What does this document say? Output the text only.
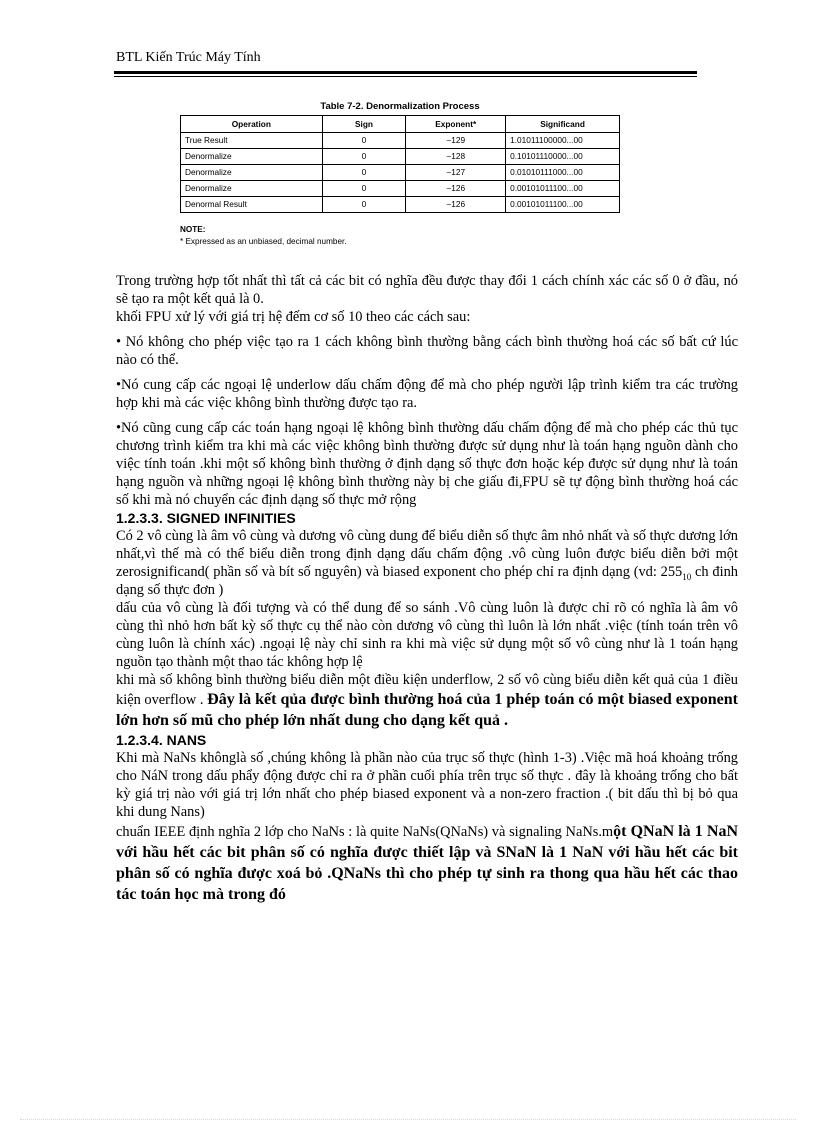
BTL Kiến Trúc Máy Tính
Table 7-2. Denormalization Process
Operation	Sign	Exponent*	Significand
True Result	0	−129	1.01011100000...00
Denormalize	0	−128	0.10101110000...00
Denormalize	0	−127	0.01010111000...00
Denormalize	0	−126	0.00101011100...00
Denormal Result	0	−126	0.00101011100...00
NOTE:
* Expressed as an unbiased, decimal number.

Trong trường hợp tốt nhất thì tất cả các bit có nghĩa đều được thay đổi 1 cách chính xác các số 0 ở đầu, nó sẽ tạo ra một kết quả là 0.

khối FPU xử lý với giá trị hệ đếm cơ số 10 theo các cách sau:

• Nó không cho phép việc tạo ra 1 cách không bình thường bằng cách bình thường hoá các số bất cứ lúc nào có thể.

•Nó cung cấp các ngoại lệ underlow dấu chấm động để mà cho phép người lập trình kiểm tra các trường hợp khi mà các việc không bình thường được tạo ra.

•Nó cũng cung cấp các toán hạng ngoại lệ không bình thường dấu chấm động để mà cho phép các thủ tục chương trình kiểm tra khi mà các việc không bình thường được sử dụng như là toán hạng nguồn dành cho việc tính toán .khi một số không bình thường ở định dạng số thực đơn hoặc kép được sử dụng như là toán hạng nguồn và những ngoại lệ không bình thường này bị che giấu đi,FPU sẽ tự động bình thường hoá các số khi mà nó chuyển các định dạng số thực mở rộng

1.2.3.3. SIGNED INFINITIES

Có 2 vô cùng là âm vô cùng và dương vô cùng dung để biểu diễn số thực âm nhỏ nhất và số thực dương lớn nhất,vì thế mà có thể biểu diễn trong định dạng dấu chấm động .vô cùng luôn được biểu diễn bởi một zerosignificand( phần số và bít số nguyên) và biased exponent cho phép chỉ ra định dạng (vd: $255_{10}$ ch đinh dạng số thực đơn )

dấu của vô cùng là đối tượng và có thể dung để so sánh .Vô cùng luôn là được chỉ rõ có nghĩa là âm vô cùng thì nhỏ hơn bất kỳ số thực cụ thể nào còn dương vô cùng thì luôn là lớn nhất .việc (tính toán trên vô cùng luôn là chính xác) .ngoại lệ này chỉ sinh ra khi mà việc sử dụng một số vô cùng như là 1 toán hạng nguồn tạo thành một thao tác không hợp lệ

khi mà số không bình thường biểu diễn một điều kiện underflow, 2 số vô cùng biểu diễn kết quả của 1 điều kiện overflow . Đây là kết qủa được bình thường hoá của 1 phép toán có một biased exponent lớn hơn số mũ cho phép lớn nhất dung cho dạng kết quả .

1.2.3.4. NANS

Khi mà NaNs khônglà số ,chúng không là phần nào của trục số thực (hình 1-3) .Việc mã hoá khoảng trống cho NáN trong dấu phẩy động được chỉ ra ở phần cuối phía trên trục số thực . đây là khoảng trống cho bất kỳ giá trị nào với giá trị lớn nhất cho phép biased exponent và a non-zero fraction .( bit dấu thì bị bỏ qua khi dung Nans)

chuẩn IEEE định nghĩa 2 lớp cho NaNs : là quite NaNs(QNaNs) và signaling NaNs.một QNaN là 1 NaN với hầu hết các bit phân số có nghĩa được thiết lập và SNaN là 1 NaN với hầu hết các bit phân số có nghĩa được xoá bỏ .QNaNs thì cho phép tự sinh ra thong qua hầu hết các thao tác toán học mà trong đó
